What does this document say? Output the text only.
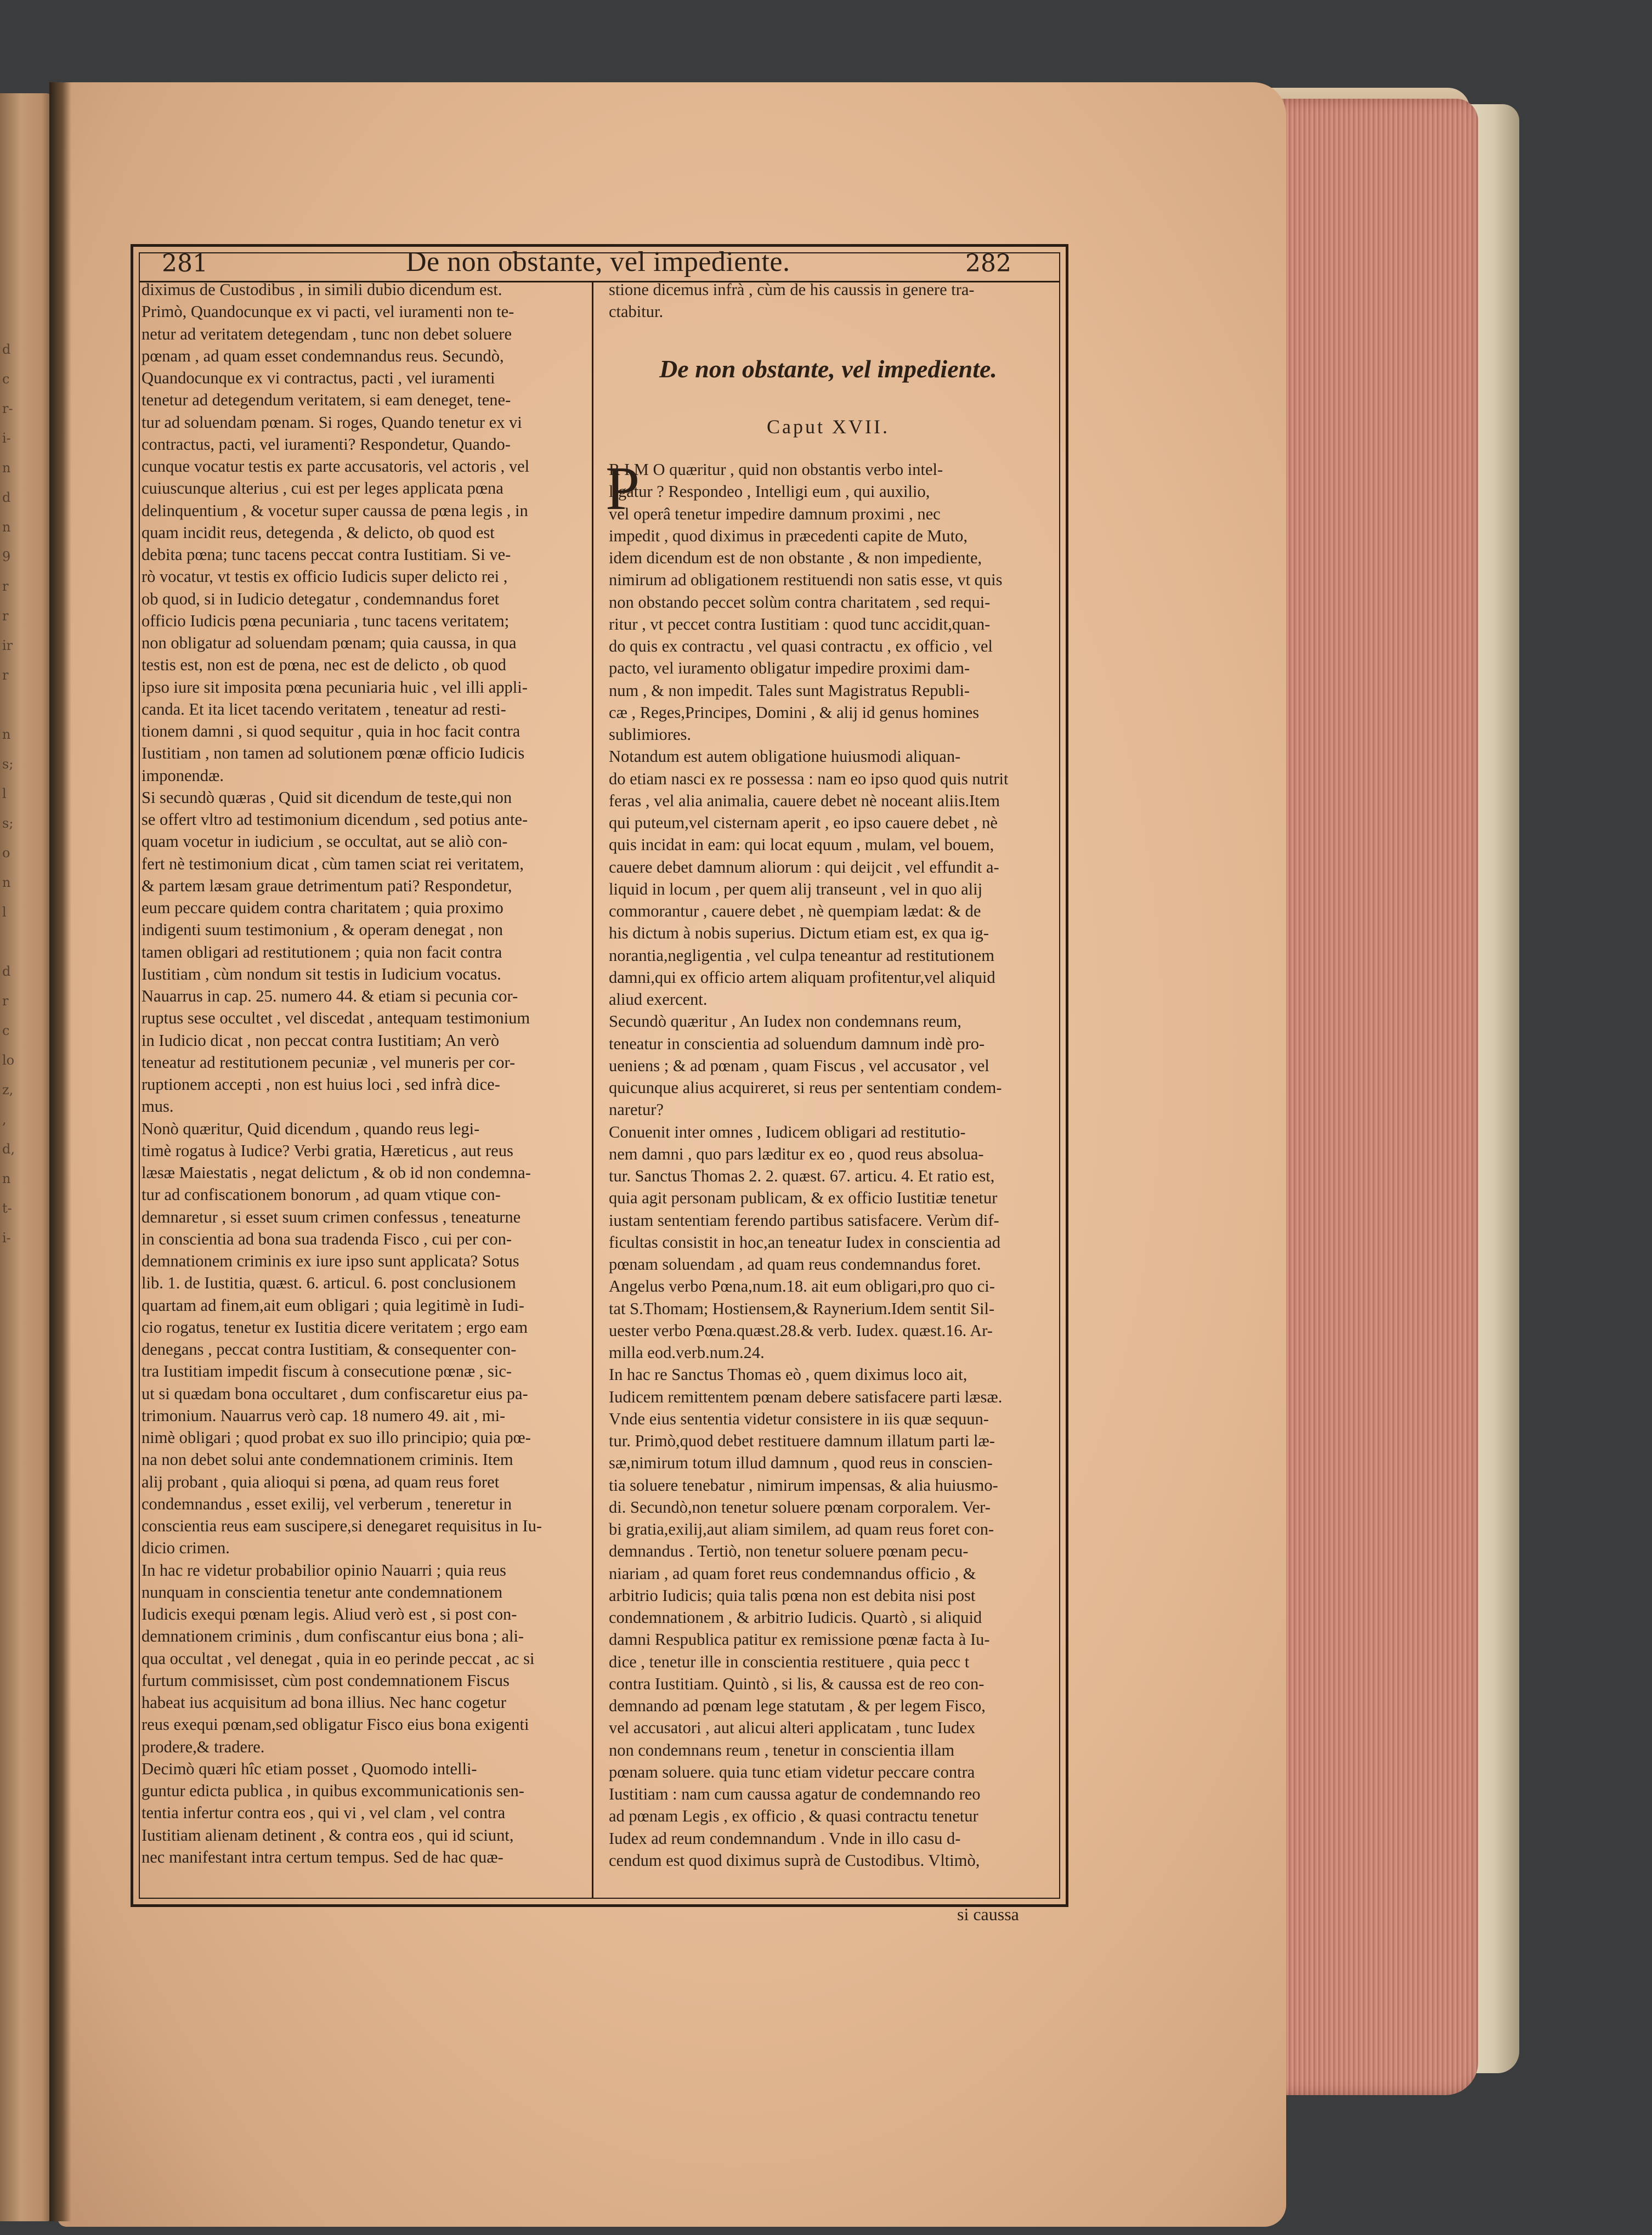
d
c
r-
i-
n
d
n
9
r
r
ir
r

n
s;
l
s;
o
n
l

d
r
c
lo
z,
,
d,
n
t-
i-
281	De non obstante, vel impediente.	282
diximus de Custodibus , in simili dubio dicendum est.
Primò, Quandocunque ex vi pacti, vel iuramenti non te-
netur ad veritatem detegendam , tunc non debet soluere
pœnam , ad quam esset condemnandus reus. Secundò,
Quandocunque ex vi contractus, pacti , vel iuramenti
tenetur ad detegendum veritatem, si eam deneget, tene-
tur ad soluendam pœnam. Si roges, Quando tenetur ex vi
contractus, pacti, vel iuramenti? Respondetur, Quando-
cunque vocatur testis ex parte accusatoris, vel actoris , vel
cuiuscunque alterius , cui est per leges applicata pœna
delinquentium , & vocetur super caussa de pœna legis , in
quam incidit reus, detegenda , & delicto, ob quod est
debita pœna; tunc tacens peccat contra Iustitiam. Si ve-
rò vocatur, vt testis ex officio Iudicis super delicto rei ,
ob quod, si in Iudicio detegatur , condemnandus foret
officio Iudicis pœna pecuniaria , tunc tacens veritatem;
non obligatur ad soluendam pœnam; quia caussa, in qua
testis est, non est de pœna, nec est de delicto , ob quod
ipso iure sit imposita pœna pecuniaria huic , vel illi appli-
canda. Et ita licet tacendo veritatem , teneatur ad resti-
tionem damni , si quod sequitur , quia in hoc facit contra
Iustitiam , non tamen ad solutionem pœnæ officio Iudicis
imponendæ.
Si secundò quæras , Quid sit dicendum de teste,qui non
se offert vltro ad testimonium dicendum , sed potius ante-
quam vocetur in iudicium , se occultat, aut se aliò con-
fert nè testimonium dicat , cùm tamen sciat rei veritatem,
& partem læsam graue detrimentum pati? Respondetur,
eum peccare quidem contra charitatem ; quia proximo
indigenti suum testimonium , & operam denegat , non
tamen obligari ad restitutionem ; quia non facit contra
Iustitiam , cùm nondum sit testis in Iudicium vocatus.
Nauarrus in cap. 25. numero 44. & etiam si pecunia cor-
ruptus sese occultet , vel discedat , antequam testimonium
in Iudicio dicat , non peccat contra Iustitiam; An verò
teneatur ad restitutionem pecuniæ , vel muneris per cor-
ruptionem accepti , non est huius loci , sed infrà dice-
mus.
Nonò quæritur, Quid dicendum , quando reus legi-
timè rogatus à Iudice? Verbi gratia, Hæreticus , aut reus
læsæ Maiestatis , negat delictum , & ob id non condemna-
tur ad confiscationem bonorum , ad quam vtique con-
demnaretur , si esset suum crimen confessus , teneaturne
in conscientia ad bona sua tradenda Fisco , cui per con-
demnationem criminis ex iure ipso sunt applicata? Sotus
lib. 1. de Iustitia, quæst. 6. articul. 6. post conclusionem
quartam ad finem,ait eum obligari ; quia legitimè in Iudi-
cio rogatus, tenetur ex Iustitia dicere veritatem ; ergo eam
denegans , peccat contra Iustitiam, & consequenter con-
tra Iustitiam impedit fiscum à consecutione pœnæ , sic-
ut si quædam bona occultaret , dum confiscaretur eius pa-
trimonium. Nauarrus verò cap. 18 numero 49. ait , mi-
nimè obligari ; quod probat ex suo illo principio; quia pœ-
na non debet solui ante condemnationem criminis. Item
alij probant , quia alioqui si pœna, ad quam reus foret
condemnandus , esset exilij, vel verberum , teneretur in
conscientia reus eam suscipere,si denegaret requisitus in Iu-
dicio crimen.
In hac re videtur probabilior opinio Nauarri ; quia reus
nunquam in conscientia tenetur ante condemnationem
Iudicis exequi pœnam legis. Aliud verò est , si post con-
demnationem criminis , dum confiscantur eius bona ; ali-
qua occultat , vel denegat , quia in eo perinde peccat , ac si
furtum commisisset, cùm post condemnationem Fiscus
habeat ius acquisitum ad bona illius. Nec hanc cogetur
reus exequi pœnam,sed obligatur Fisco eius bona exigenti
prodere,& tradere.
Decimò quæri hîc etiam posset , Quomodo intelli-
guntur edicta publica , in quibus excommunicationis sen-
tentia infertur contra eos , qui vi , vel clam , vel contra
Iustitiam alienam detinent , & contra eos , qui id sciunt,
nec manifestant intra certum tempus. Sed de hac quæ-
stione dicemus infrà , cùm de his caussis in genere tra-
ctabitur.
De non obstante, vel impediente.
Caput XVII.
P
R I M O quæritur , quid non obstantis verbo intel-
ligatur ? Respondeo , Intelligi eum , qui auxilio,
vel operâ tenetur impedire damnum proximi , nec
impedit , quod diximus in præcedenti capite de Muto,
idem dicendum est de non obstante , & non impediente,
nimirum ad obligationem restituendi non satis esse, vt quis
non obstando peccet solùm contra charitatem , sed requi-
ritur , vt peccet contra Iustitiam : quod tunc accidit,quan-
do quis ex contractu , vel quasi contractu , ex officio , vel
pacto, vel iuramento obligatur impedire proximi dam-
num , & non impedit. Tales sunt Magistratus Republi-
cæ , Reges,Principes, Domini , & alij id genus homines
sublimiores.
Notandum est autem obligatione huiusmodi aliquan-
do etiam nasci ex re possessa : nam eo ipso quod quis nutrit
feras , vel alia animalia, cauere debet nè noceant aliis.Item
qui puteum,vel cisternam aperit , eo ipso cauere debet , nè
quis incidat in eam: qui locat equum , mulam, vel bouem,
cauere debet damnum aliorum : qui deijcit , vel effundit a-
liquid in locum , per quem alij transeunt , vel in quo alij
commorantur , cauere debet , nè quempiam lædat: & de
his dictum à nobis superius. Dictum etiam est, ex qua ig-
norantia,negligentia , vel culpa teneantur ad restitutionem
damni,qui ex officio artem aliquam profitentur,vel aliquid
aliud exercent.
Secundò quæritur , An Iudex non condemnans reum,
teneatur in conscientia ad soluendum damnum indè pro-
ueniens ; & ad pœnam , quam Fiscus , vel accusator , vel
quicunque alius acquireret, si reus per sententiam condem-
naretur?
Conuenit inter omnes , Iudicem obligari ad restitutio-
nem damni , quo pars læditur ex eo , quod reus absolua-
tur. Sanctus Thomas 2. 2. quæst. 67. articu. 4. Et ratio est,
quia agit personam publicam, & ex officio Iustitiæ tenetur
iustam sententiam ferendo partibus satisfacere. Verùm dif-
ficultas consistit in hoc,an teneatur Iudex in conscientia ad
pœnam soluendam , ad quam reus condemnandus foret.
Angelus verbo Pœna,num.18. ait eum obligari,pro quo ci-
tat S.Thomam; Hostiensem,& Raynerium.Idem sentit Sil-
uester verbo Pœna.quæst.28.& verb. Iudex. quæst.16. Ar-
milla eod.verb.num.24.
In hac re Sanctus Thomas eò , quem diximus loco ait,
Iudicem remittentem pœnam debere satisfacere parti læsæ.
Vnde eius sententia videtur consistere in iis quæ sequun-
tur. Primò,quod debet restituere damnum illatum parti læ-
sæ,nimirum totum illud damnum , quod reus in conscien-
tia soluere tenebatur , nimirum impensas, & alia huiusmo-
di. Secundò,non tenetur soluere pœnam corporalem. Ver-
bi gratia,exilij,aut aliam similem, ad quam reus foret con-
demnandus . Tertiò, non tenetur soluere pœnam pecu-
niariam , ad quam foret reus condemnandus officio , &
arbitrio Iudicis; quia talis pœna non est debita nisi post
condemnationem , & arbitrio Iudicis. Quartò , si aliquid
damni Respublica patitur ex remissione pœnæ facta à Iu-
dice , tenetur ille in conscientia restituere , quia pecc t
contra Iustitiam. Quintò , si lis, & caussa est de reo con-
demnando ad pœnam lege statutam , & per legem Fisco,
vel accusatori , aut alicui alteri applicatam , tunc Iudex
non condemnans reum , tenetur in conscientia illam
pœnam soluere. quia tunc etiam videtur peccare contra
Iustitiam : nam cum caussa agatur de condemnando reo
ad pœnam Legis , ex officio , & quasi contractu tenetur
Iudex ad reum condemnandum . Vnde in illo casu d-
cendum est quod diximus suprà de Custodibus. Vltimò,
si caussa
